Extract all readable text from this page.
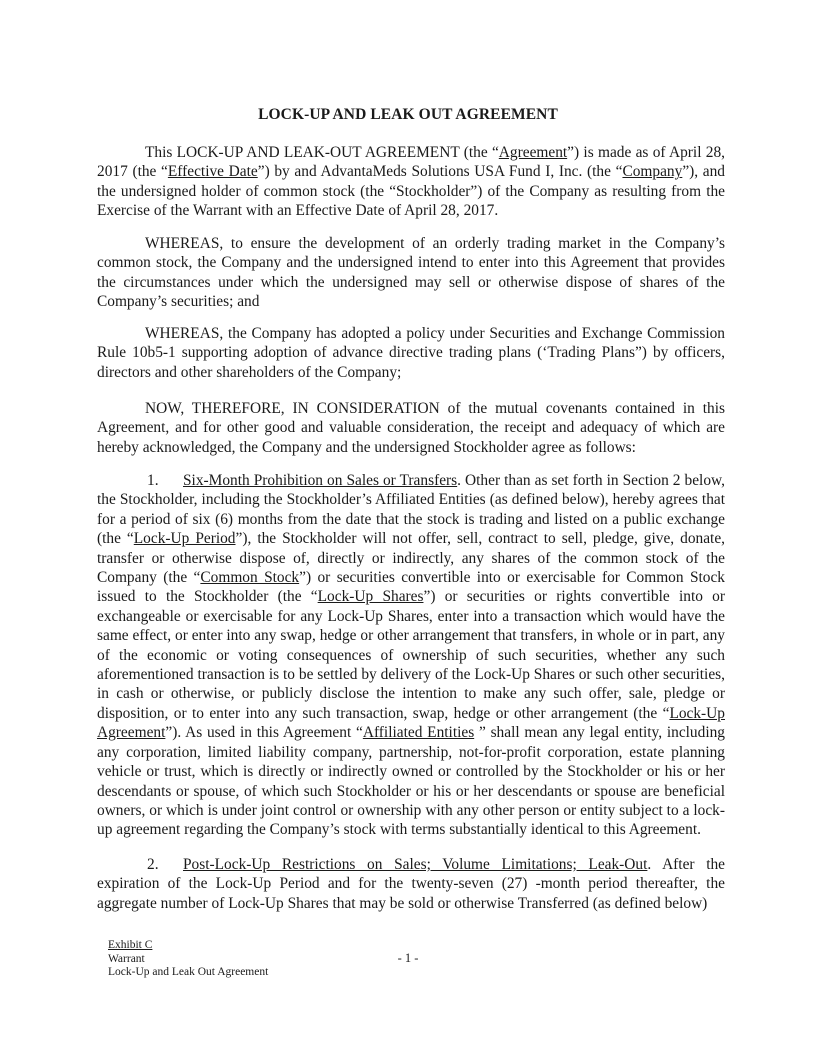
LOCK-UP AND LEAK OUT AGREEMENT

This LOCK-UP AND LEAK-OUT AGREEMENT (the “Agreement”) is made as of April 28, 2017 (the “Effective Date”) by and AdvantaMeds Solutions USA Fund I, Inc. (the “Company”), and the undersigned holder of common stock (the “Stockholder”) of the Company as resulting from the Exercise of the Warrant with an Effective Date of April 28, 2017.

WHEREAS, to ensure the development of an orderly trading market in the Company’s common stock, the Company and the undersigned intend to enter into this Agreement that provides the circumstances under which the undersigned may sell or otherwise dispose of shares of the Company’s securities; and

WHEREAS, the Company has adopted a policy under Securities and Exchange Commission Rule 10b5-1 supporting adoption of advance directive trading plans (‘Trading Plans”) by officers, directors and other shareholders of the Company;

NOW, THEREFORE, IN CONSIDERATION of the mutual covenants contained in this Agreement, and for other good and valuable consideration, the receipt and adequacy of which are hereby acknowledged, the Company and the undersigned Stockholder agree as follows:

1. Six-Month Prohibition on Sales or Transfers. Other than as set forth in Section 2 below, the Stockholder, including the Stockholder’s Affiliated Entities (as defined below), hereby agrees that for a period of six (6) months from the date that the stock is trading and listed on a public exchange (the “Lock-Up Period”), the Stockholder will not offer, sell, contract to sell, pledge, give, donate, transfer or otherwise dispose of, directly or indirectly, any shares of the common stock of the Company (the “Common Stock”) or securities convertible into or exercisable for Common Stock issued to the Stockholder (the “Lock-Up Shares”) or securities or rights convertible into or exchangeable or exercisable for any Lock-Up Shares, enter into a transaction which would have the same effect, or enter into any swap, hedge or other arrangement that transfers, in whole or in part, any of the economic or voting consequences of ownership of such securities, whether any such aforementioned transaction is to be settled by delivery of the Lock-Up Shares or such other securities, in cash or otherwise, or publicly disclose the intention to make any such offer, sale, pledge or disposition, or to enter into any such transaction, swap, hedge or other arrangement (the “Lock-Up Agreement”). As used in this Agreement “Affiliated Entities ” shall mean any legal entity, including any corporation, limited liability company, partnership, not-for-profit corporation, estate planning vehicle or trust, which is directly or indirectly owned or controlled by the Stockholder or his or her descendants or spouse, of which such Stockholder or his or her descendants or spouse are beneficial owners, or which is under joint control or ownership with any other person or entity subject to a lock-up agreement regarding the Company’s stock with terms substantially identical to this Agreement.

2. Post-Lock-Up Restrictions on Sales; Volume Limitations; Leak-Out. After the expiration of the Lock-Up Period and for the twenty-seven (27) -month period thereafter, the aggregate number of Lock-Up Shares that may be sold or otherwise Transferred (as defined below)

Exhibit C
Warrant
Lock-Up and Leak Out Agreement
- 1 -
